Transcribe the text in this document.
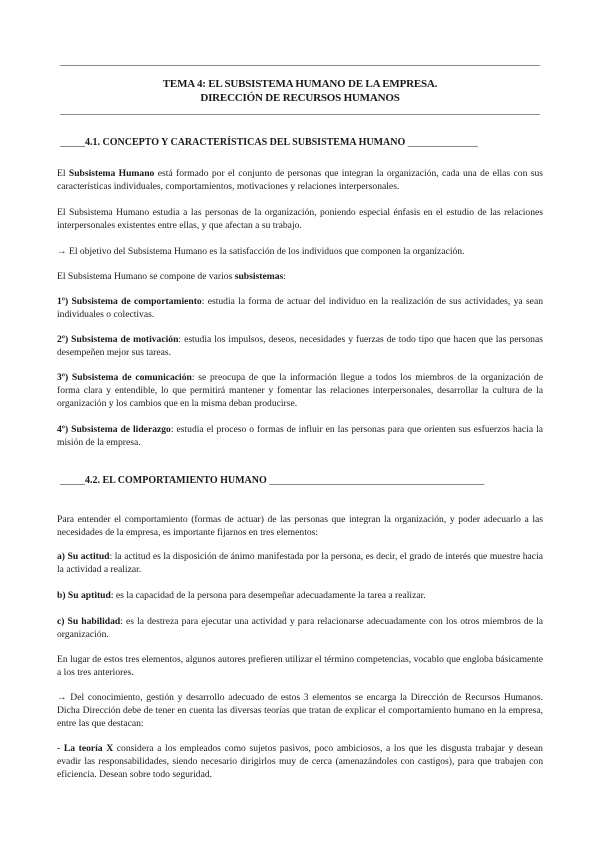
TEMA 4: EL SUBSISTEMA HUMANO DE LA EMPRESA.
DIRECCIÓN DE RECURSOS HUMANOS
_____4.1. CONCEPTO Y CARACTERÍSTICAS DEL SUBSISTEMA HUMANO ______________

El Subsistema Humano está formado por el conjunto de personas que integran la organización, cada una de ellas con sus características individuales, comportamientos, motivaciones y relaciones interpersonales.

El Subsistema Humano estudia a las personas de la organización, poniendo especial énfasis en el estudio de las relaciones interpersonales existentes entre ellas, y que afectan a su trabajo.

→ El objetivo del Subsistema Humano es la satisfacción de los individuos que componen la organización.

El Subsistema Humano se compone de varios subsistemas:

1º) Subsistema de comportamiento: estudia la forma de actuar del individuo en la realización de sus actividades, ya sean individuales o colectivas.

2º) Subsistema de motivación: estudia los impulsos, deseos, necesidades y fuerzas de todo tipo que hacen que las personas desempeñen mejor sus tareas.

3º) Subsistema de comunicación: se preocupa de que la información llegue a todos los miembros de la organización de forma clara y entendible, lo que permitirá mantener y fomentar las relaciones interpersonales, desarrollar la cultura de la organización y los cambios que en la misma deban producirse.

4º) Subsistema de liderazgo: estudia el proceso o formas de influir en las personas para que orienten sus esfuerzos hacia la misión de la empresa.

_____4.2. EL COMPORTAMIENTO HUMANO ___________________________________________

Para entender el comportamiento (formas de actuar) de las personas que integran la organización, y poder adecuarlo a las necesidades de la empresa, es importante fijarnos en tres elementos:

a) Su actitud: la actitud es la disposición de ánimo manifestada por la persona, es decir, el grado de interés que muestre hacia la actividad a realizar.

b) Su aptitud: es la capacidad de la persona para desempeñar adecuadamente la tarea a realizar.

c) Su habilidad: es la destreza para ejecutar una actividad y para relacionarse adecuadamente con los otros miembros de la organización.

En lugar de estos tres elementos, algunos autores prefieren utilizar el término competencias, vocablo que engloba básicamente a los tres anteriores.

→ Del conocimiento, gestión y desarrollo adecuado de estos 3 elementos se encarga la Dirección de Recursos Humanos. Dicha Dirección debe de tener en cuenta las diversas teorías que tratan de explicar el comportamiento humano en la empresa, entre las que destacan:

- La teoría X considera a los empleados como sujetos pasivos, poco ambiciosos, a los que les disgusta trabajar y desean evadir las responsabilidades, siendo necesario dirigirlos muy de cerca (amenazándoles con castigos), para que trabajen con eficiencia. Desean sobre todo seguridad.
